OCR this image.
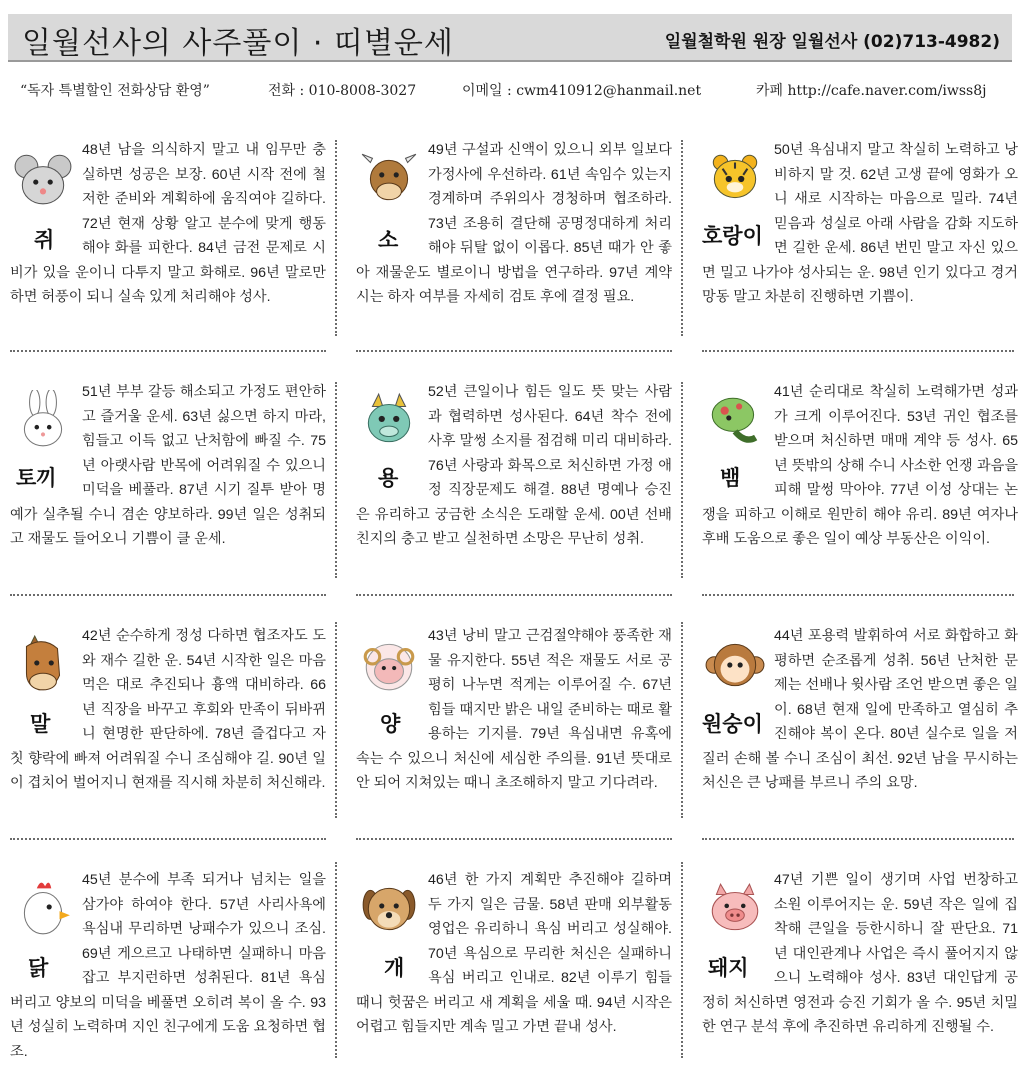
일월선사의 사주풀이 · 띠별운세	일월철학원 원장 일월선사 (02)713-4982)
“독자 특별할인 전화상담 환영”	전화 : 010-8008-3027	이메일 : cwm410912@hanmail.net	카페 http://cafe.naver.com/iwss8j
쥐

48년 남을 의식하지 말고 내 임무만 충실하면 성공은 보장. 60년 시작 전에 철저한 준비와 계획하에 움직여야 길하다. 72년 현재 상황 알고 분수에 맞게 행동해야 화를 피한다. 84년 금전 문제로 시비가 있을 운이니 다투지 말고 화해로. 96년 말로만 하면 허풍이 되니 실속 있게 처리해야 성사.

소

49년 구설과 신액이 있으니 외부 일보다 가정사에 우선하라. 61년 속임수 있는지 경계하며 주위의사 경청하며 협조하라. 73년 조용히 결단해 공명정대하게 처리해야 뒤탈 없이 이롭다. 85년 때가 안 좋아 재물운도 별로이니 방법을 연구하라. 97년 계약 시는 하자 여부를 자세히 검토 후에 결정 필요.

호랑이

50년 욕심내지 말고 착실히 노력하고 낭비하지 말 것. 62년 고생 끝에 영화가 오니 새로 시작하는 마음으로 밀라. 74년 믿음과 성실로 아래 사람을 감화 지도하면 길한 운세. 86년 번민 말고 자신 있으면 밀고 나가야 성사되는 운. 98년 인기 있다고 경거망동 말고 차분히 진행하면 기쁨이.

토끼

51년 부부 갈등 해소되고 가정도 편안하고 즐거울 운세. 63년 싫으면 하지 마라, 힘들고 이득 없고 난처함에 빠질 수. 75년 아랫사람 반목에 어려워질 수 있으니 미덕을 베풀라. 87년 시기 질투 받아 명예가 실추될 수니 겸손 양보하라. 99년 일은 성취되고 재물도 들어오니 기쁨이 클 운세.

용

52년 큰일이나 힘든 일도 뜻 맞는 사람과 협력하면 성사된다. 64년 착수 전에 사후 말썽 소지를 점검해 미리 대비하라. 76년 사랑과 화목으로 처신하면 가정 애정 직장문제도 해결. 88년 명예나 승진은 유리하고 궁금한 소식은 도래할 운세. 00년 선배 친지의 충고 받고 실천하면 소망은 무난히 성취.

뱀

41년 순리대로 착실히 노력해가면 성과가 크게 이루어진다. 53년 귀인 협조를 받으며 처신하면 매매 계약 등 성사. 65년 뜻밖의 상해 수니 사소한 언쟁 과음을 피해 말썽 막아야. 77년 이성 상대는 논쟁을 피하고 이해로 원만히 해야 유리. 89년 여자나 후배 도움으로 좋은 일이 예상 부동산은 이익이.

말

42년 순수하게 정성 다하면 협조자도 도와 재수 길한 운. 54년 시작한 일은 마음먹은 대로 추진되나 흉액 대비하라. 66년 직장을 바꾸고 후회와 만족이 뒤바뀌니 현명한 판단하에. 78년 즐겁다고 자칫 향락에 빠져 어려워질 수니 조심해야 길. 90년 일이 겹치어 벌어지니 현재를 직시해 차분히 처신해라.

양

43년 낭비 말고 근검절약해야 풍족한 재물 유지한다. 55년 적은 재물도 서로 공평히 나누면 적게는 이루어질 수. 67년 힘들 때지만 밝은 내일 준비하는 때로 활용하는 기지를. 79년 욕심내면 유혹에 속는 수 있으니 처신에 세심한 주의를. 91년 뜻대로 안 되어 지쳐있는 때니 초조해하지 말고 기다려라.

원숭이

44년 포용력 발휘하여 서로 화합하고 화평하면 순조롭게 성취. 56년 난처한 문제는 선배나 윗사람 조언 받으면 좋은 일이. 68년 현재 일에 만족하고 열심히 추진해야 복이 온다. 80년 실수로 일을 저질러 손해 볼 수니 조심이 최선. 92년 남을 무시하는 처신은 큰 낭패를 부르니 주의 요망.

닭

45년 분수에 부족 되거나 넘치는 일을 삼가야 하여야 한다. 57년 사리사욕에 욕심내 무리하면 낭패수가 있으니 조심. 69년 게으르고 나태하면 실패하니 마음잡고 부지런하면 성취된다. 81년 욕심 버리고 양보의 미덕을 베풀면 오히려 복이 올 수. 93년 성실히 노력하며 지인 친구에게 도움 요청하면 협조.

개

46년 한 가지 계획만 추진해야 길하며 두 가지 일은 금물. 58년 판매 외부활동 영업은 유리하니 욕심 버리고 성실해야. 70년 욕심으로 무리한 처신은 실패하니 욕심 버리고 인내로. 82년 이루기 힘들 때니 헛꿈은 버리고 새 계획을 세울 때. 94년 시작은 어렵고 힘들지만 계속 밀고 가면 끝내 성사.

돼지

47년 기쁜 일이 생기며 사업 번창하고 소원 이루어지는 운. 59년 작은 일에 집착해 큰일을 등한시하니 잘 판단요. 71년 대인관계나 사업은 즉시 풀어지지 않으니 노력해야 성사. 83년 대인답게 공정히 처신하면 영전과 승진 기회가 올 수. 95년 치밀한 연구 분석 후에 추진하면 유리하게 진행될 수.
